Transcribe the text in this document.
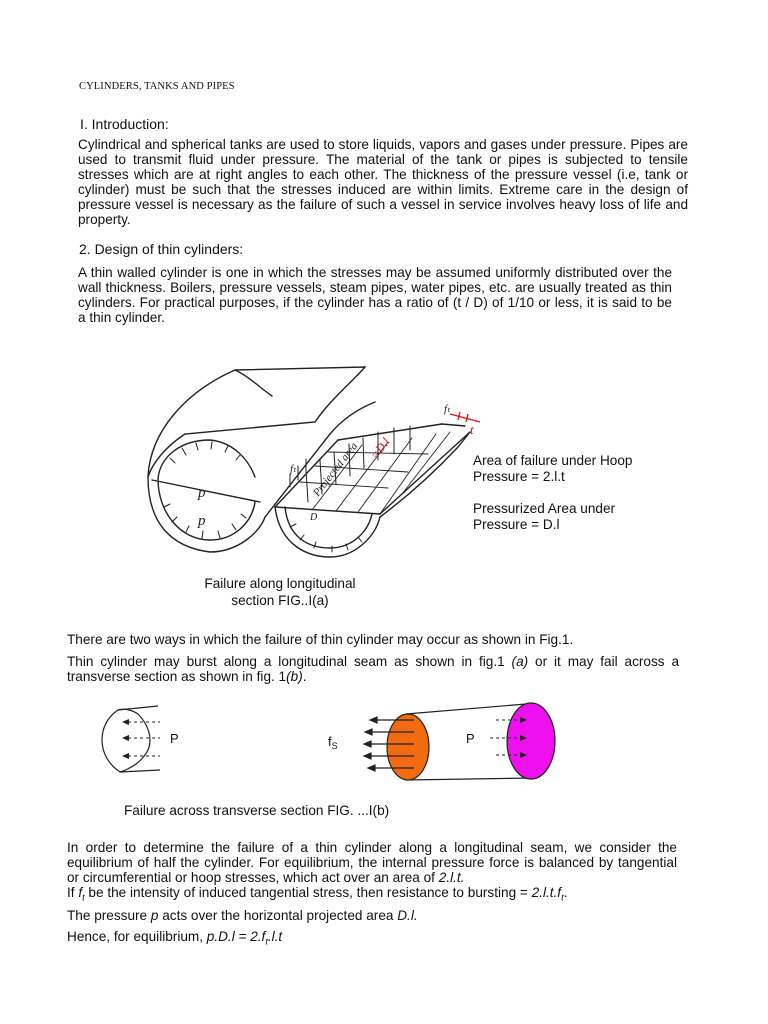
CYLINDERS, TANKS AND PIPES
I. Introduction:
Cylindrical and spherical tanks are used to store liquids, vapors and gases under pressure. Pipes are used to transmit fluid under pressure. The material of the tank or pipes is subjected to tensile stresses which are at right angles to each other. The thickness of the pressure vessel (i.e, tank or cylinder) must be such that the stresses induced are within limits. Extreme care in the design of pressure vessel is necessary as the failure of such a vessel in service involves heavy loss of life and property.
2. Design of thin cylinders:
A thin walled cylinder is one in which the stresses may be assumed uniformly distributed over the wall thickness. Boilers, pressure vessels, steam pipes, water pipes, etc. are usually treated as thin cylinders. For practical purposes, if the cylinder has a ratio of (t / D) of 1/10 or less, it is said to be a thin cylinder.
p
p
fₜ
fₜ
D
Projected area =D.l
t
Area of failure under Hoop
Pressure = 2.l.t
Pressurized Area under
Pressure = D.l
Failure along longitudinal
section FIG..I(a)
There are two ways in which the failure of thin cylinder may occur as shown in Fig.1.
Thin cylinder may burst along a longitudinal seam as shown in fig.1 (a) or it may fail across a transverse section as shown in fig. 1(b).
P	$f_S$	P
Failure across transverse section FIG. ...I(b)
In order to determine the failure of a thin cylinder along a longitudinal seam, we consider the equilibrium of half the cylinder. For equilibrium, the internal pressure force is balanced by tangential or circumferential or hoop stresses, which act over an area of 2.l.t.
If $f_t$ be the intensity of induced tangential stress, then resistance to bursting = $2.l.t.f_t$.
The pressure p acts over the horizontal projected area D.l.
Hence, for equilibrium, $p.D.l = 2.f_t.l.t$
